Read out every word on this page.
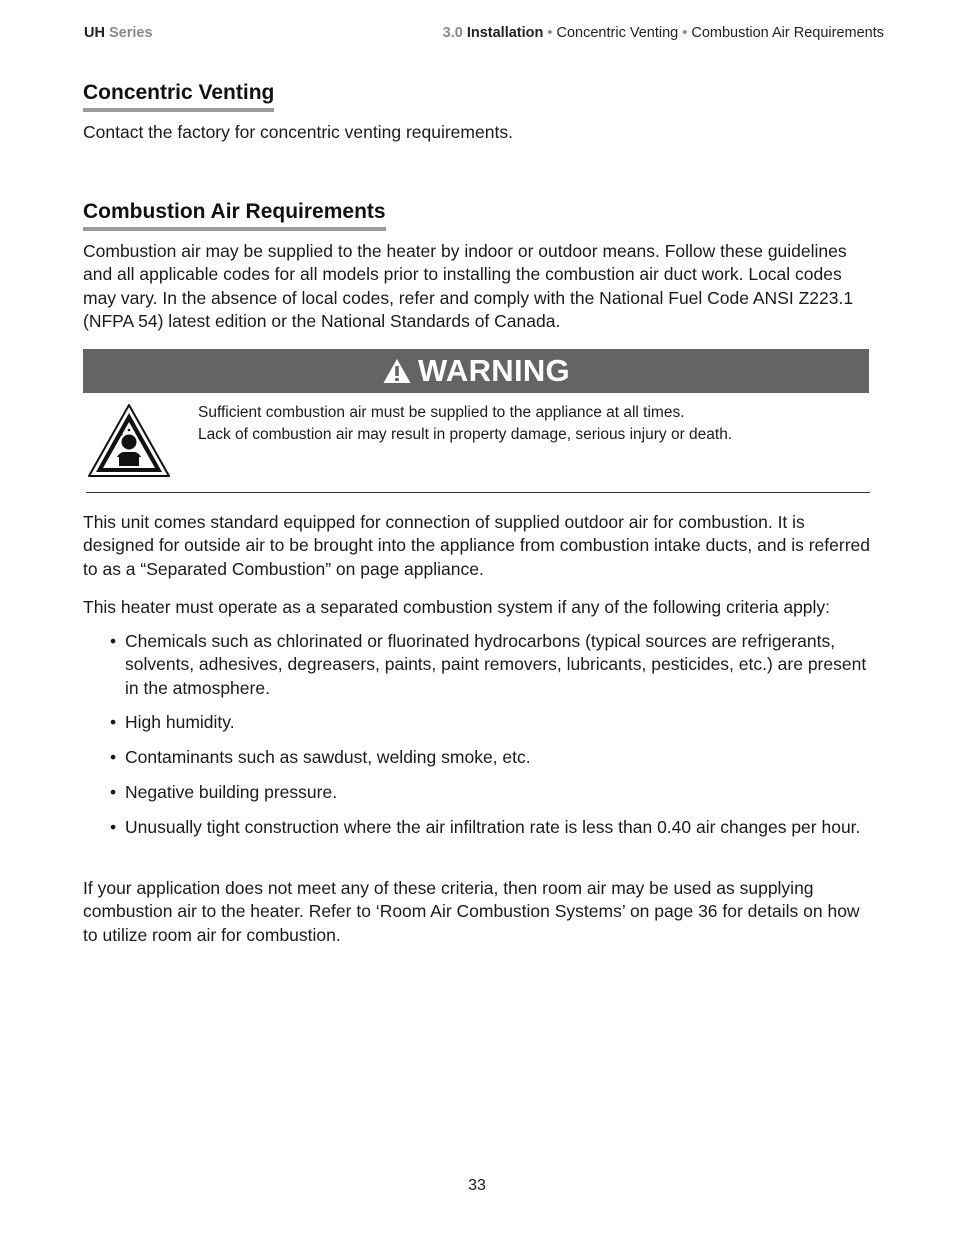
UH Series	3.0 Installation • Concentric Venting • Combustion Air Requirements
Concentric Venting

Contact the factory for concentric venting requirements.

Combustion Air Requirements

Combustion air may be supplied to the heater by indoor or outdoor means. Follow these guidelines and all applicable codes for all models prior to installing the combustion air duct work. Local codes may vary. In the absence of local codes, refer and comply with the National Fuel Code ANSI Z223.1 (NFPA 54) latest edition or the National Standards of Canada.

WARNING
Sufficient combustion air must be supplied to the appliance at all times.
Lack of combustion air may result in property damage, serious injury or death.

This unit comes standard equipped for connection of supplied outdoor air for combustion. It is designed for outside air to be brought into the appliance from combustion intake ducts, and is referred to as a “Separated Combustion” on page appliance.

This heater must operate as a separated combustion system if any of the following criteria apply:

• Chemicals such as chlorinated or fluorinated hydrocarbons (typical sources are refrigerants, solvents, adhesives, degreasers, paints, paint removers, lubricants, pesticides, etc.) are present in the atmosphere.
• High humidity.
• Contaminants such as sawdust, welding smoke, etc.
• Negative building pressure.
• Unusually tight construction where the air infiltration rate is less than 0.40 air changes per hour.

If your application does not meet any of these criteria, then room air may be used as supplying combustion air to the heater. Refer to ‘Room Air Combustion Systems’ on page 36 for details on how to utilize room air for combustion.

33
